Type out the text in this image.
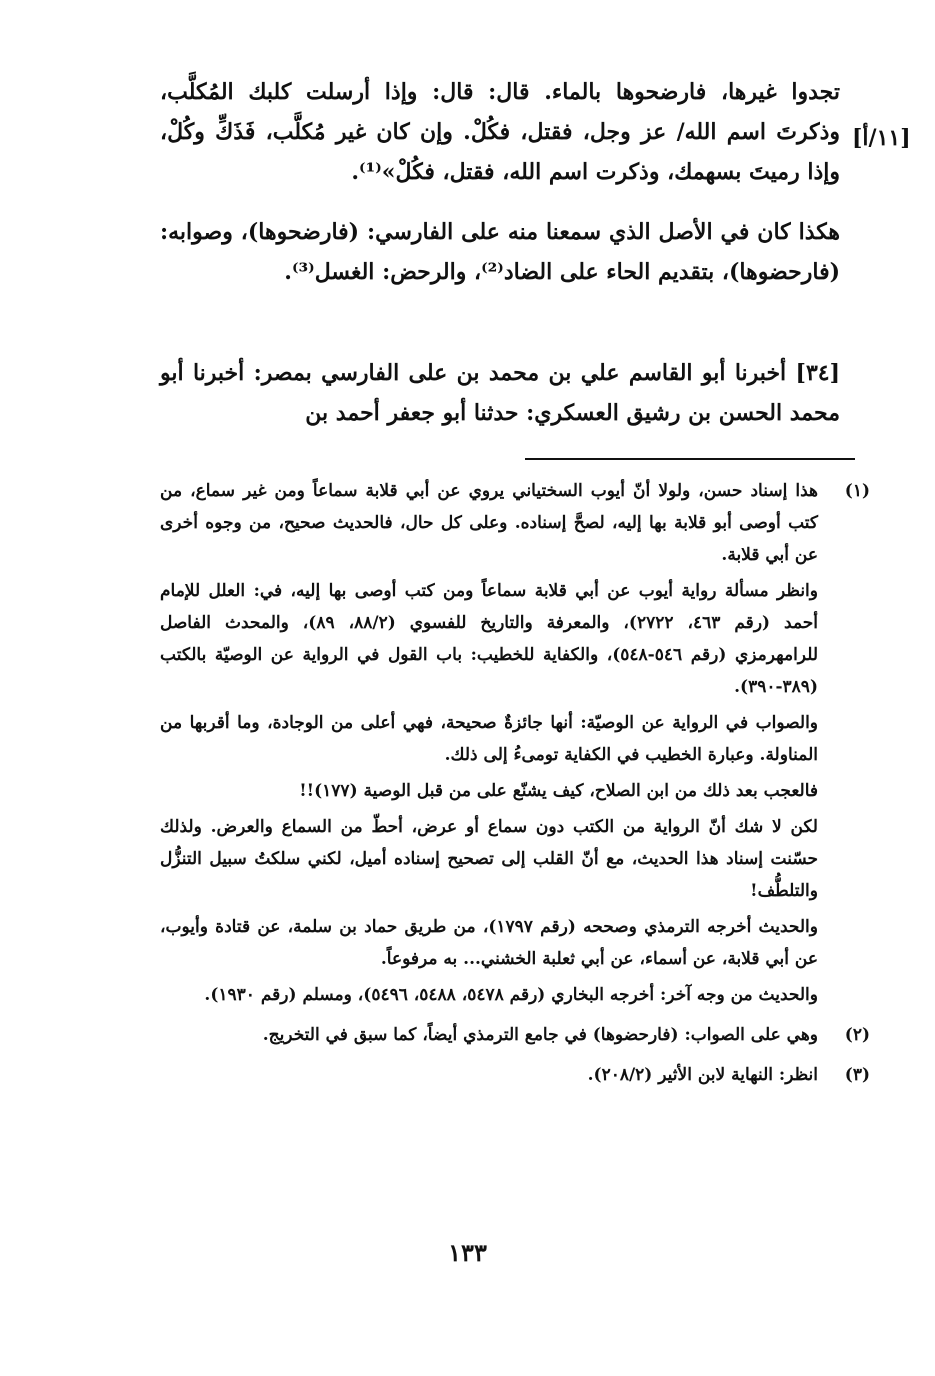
[١١/أ]
تجدوا غيرها، فارضحوها بالماء. قال: قال: وإذا أرسلت كلبك المُكلَّب، وذكرتَ اسم الله/ عز وجل، فقتل، فكُلْ. وإن كان غير مُكلَّب، فَذَكِّ وكُلْ، وإذا رميتَ بسهمك، وذكرت اسم الله، فقتل، فكُلْ»⁽¹⁾.
هكذا كان في الأصل الذي سمعنا منه على الفارسي: (فارضحوها)، وصوابه: (فارحضوها)، بتقديم الحاء على الضاد⁽²⁾، والرحض: الغسل⁽³⁾.
[٣٤] أخبرنا أبو القاسم علي بن محمد بن على الفارسي بمصر: أخبرنا أبو محمد الحسن بن رشيق العسكري: حدثنا أبو جعفر أحمد بن
(١)

هذا إسناد حسن، ولولا أنّ أيوب السختياني يروي عن أبي قلابة سماعاً ومن غير سماع، من كتب أوصى أبو قلابة بها إليه، لصحَّ إسناده. وعلى كل حال، فالحديث صحيح، من وجوه أخرى عن أبي قلابة.

وانظر مسألة رواية أيوب عن أبي قلابة سماعاً ومن كتب أوصى بها إليه، في: العلل للإمام أحمد (رقم ٤٦٣، ٢٧٢٢)، والمعرفة والتاريخ للفسوي (٨٨/٢، ٨٩)، والمحدث الفاصل للرامهرمزي (رقم ٥٤٦-٥٤٨)، والكفاية للخطيب: باب القول في الرواية عن الوصيّة بالكتب (٣٨٩-٣٩٠).

والصواب في الرواية عن الوصيّة: أنها جائزةٌ صحيحة، فهي أعلى من الوجادة، وما أقربها من المناولة. وعبارة الخطيب في الكفاية تومىءُ إلى ذلك.

فالعجب بعد ذلك من ابن الصلاح، كيف يشنّع على من قبل الوصية (١٧٧)!!

لكن لا شك أنّ الرواية من الكتب دون سماع أو عرض، أحطّ من السماع والعرض. ولذلك حسّنت إسناد هذا الحديث، مع أنّ القلب إلى تصحيح إسناده أميل، لكني سلكتُ سبيل التنزُّل والتلطُّف!

والحديث أخرجه الترمذي وصححه (رقم ١٧٩٧)، من طريق حماد بن سلمة، عن قتادة وأيوب، عن أبي قلابة، عن أسماء، عن أبي ثعلبة الخشني... به مرفوعاً.

والحديث من وجه آخر: أخرجه البخاري (رقم ٥٤٧٨، ٥٤٨٨، ٥٤٩٦)، ومسلم (رقم ١٩٣٠).

(٢)

وهي على الصواب: (فارحضوها) في جامع الترمذي أيضاً، كما سبق في التخريج.

(٣)

انظر: النهاية لابن الأثير (٢٠٨/٢).

١٣٣
